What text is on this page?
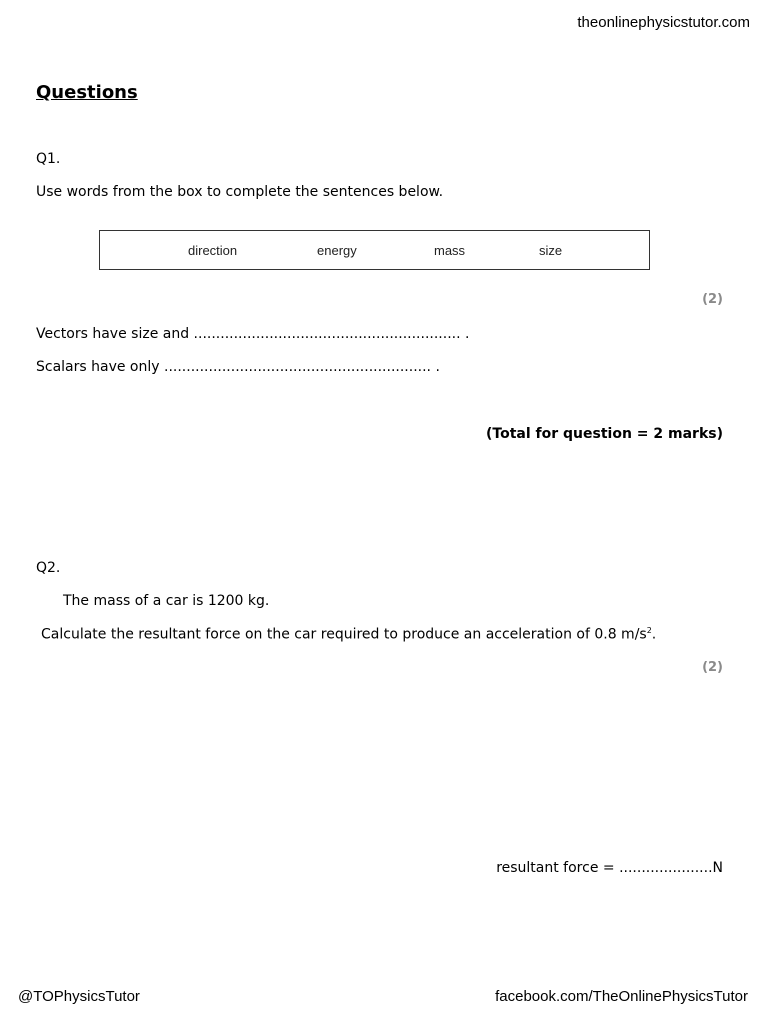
theonlinephysicstutor.com
Questions
Q1.
Use words from the box to complete the sentences below.
direction	energy	mass	size
(2)
Vectors have size and ............................................................ .
Scalars have only ............................................................ .
(Total for question = 2 marks)
Q2.
The mass of a car is 1200 kg.
Calculate the resultant force on the car required to produce an acceleration of 0.8 $m/s^2$.
(2)
resultant force = .....................N
@TOPhysicsTutor	facebook.com/TheOnlinePhysicsTutor
